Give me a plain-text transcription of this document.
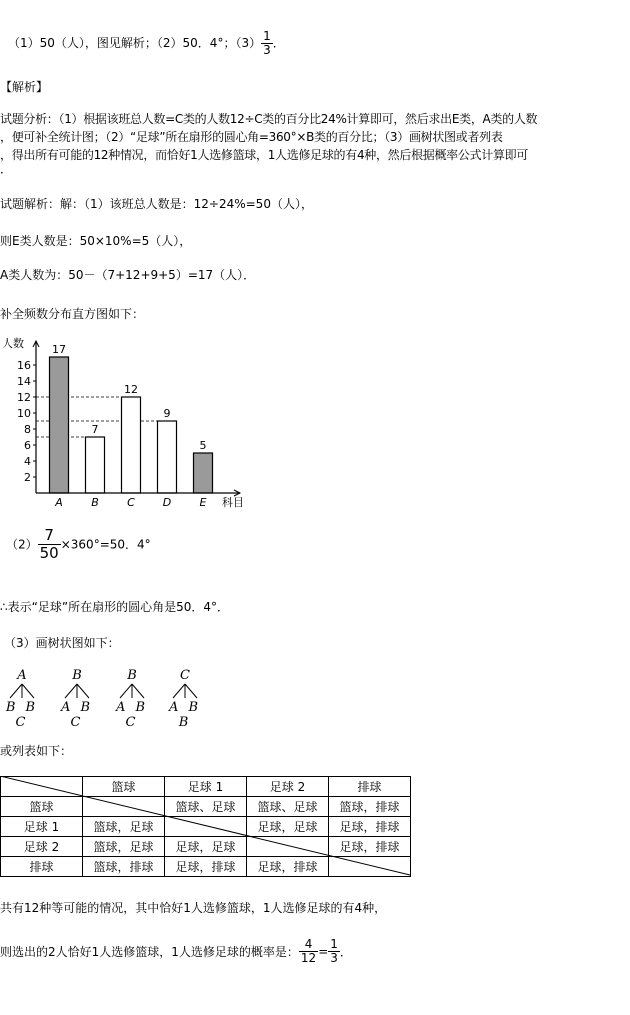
（1）50（人），图见解析；（2）50．4°；$(3) \frac{1}{3}$ ．
【解析】
试题分析：（1）根据该班总人数=C类的人数12÷C类的百分比24%计算即可，然后求出E类，A类的人数
，便可补全统计图；（2）“足球”所在扇形的圆心角=360°×B类的百分比；（3）画树状图或者列表
，得出所有可能的12种情况，而恰好1人选修篮球，1人选修足球的有4种，然后根据概率公式计算即可
．
试题解析：解：（1）该班总人数是：12÷24%=50（人），
则E类人数是：50×10%=5（人），
A类人数为：50－（7+12+9+5）=17（人）．
补全频数分布直方图如下：
17
A
7
B
12
C
9
D
5
E
2
4
6
8
10
12
14
16
人数
科目
$(2) \frac{7}{50} \times 360^\circ=50$．4°
∴表示“足球”所在扇形的圆心角是50．4°．
（3）画树状图如下：
A
B B C
B
A B C
B
A B C
C
A B B
或列表如下：
	篮球	足球 1	足球 2	排球
篮球		篮球、足球	篮球、足球	篮球，排球
足球 1	篮球，足球		足球，足球	足球，排球
足球 2	篮球，足球	足球，足球		足球，排球
排球	篮球，排球	足球，排球	足球，排球	
共有12种等可能的情况，其中恰好1人选修篮球，1人选修足球的有4种，
则选出的2人恰好1人选修篮球，1人选修足球的概率是： $\frac{4}{12} = \frac{1}{3}$ ．
